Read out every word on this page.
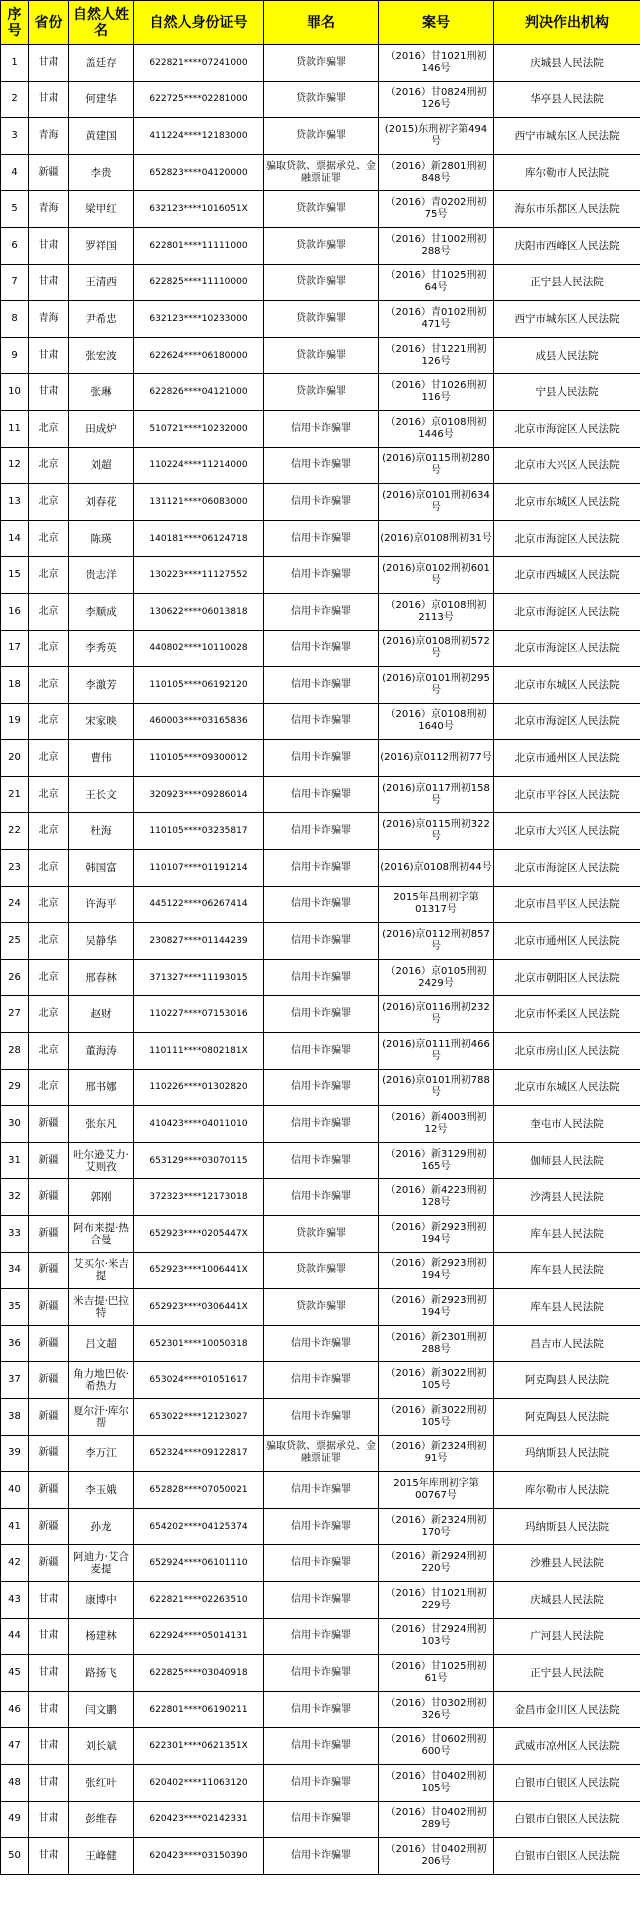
序号	省份	自然人姓名	自然人身份证号	罪名	案号	判决作出机构
1	甘肃	盖廷存	622821****07241000	贷款诈骗罪	（2016）甘1021刑初146号	庆城县人民法院
2	甘肃	何建华	622725****02281000	贷款诈骗罪	（2016）甘0824刑初126号	华亭县人民法院
3	青海	黄建国	411224****12183000	贷款诈骗罪	(2015)东刑初字第494号	西宁市城东区人民法院
4	新疆	李贵	652823****04120000	骗取贷款、票据承兑、金融票证罪	（2016）新2801刑初848号	库尔勒市人民法院
5	青海	梁甲红	632123****1016051X	贷款诈骗罪	（2016）青0202刑初75号	海东市乐都区人民法院
6	甘肃	罗祥国	622801****11111000	贷款诈骗罪	（2016）甘1002刑初288号	庆阳市西峰区人民法院
7	甘肃	王清西	622825****11110000	贷款诈骗罪	（2016）甘1025刑初64号	正宁县人民法院
8	青海	尹希忠	632123****10233000	贷款诈骗罪	（2016）青0102刑初471号	西宁市城东区人民法院
9	甘肃	张宏波	622624****06180000	贷款诈骗罪	（2016）甘1221刑初126号	成县人民法院
10	甘肃	张琳	622826****04121000	贷款诈骗罪	（2016）甘1026刑初116号	宁县人民法院
11	北京	田成炉	510721****10232000	信用卡诈骗罪	（2016）京0108刑初1446号	北京市海淀区人民法院
12	北京	刘超	110224****11214000	信用卡诈骗罪	(2016)京0115刑初280号	北京市大兴区人民法院
13	北京	刘春花	131121****06083000	信用卡诈骗罪	(2016)京0101刑初634号	北京市东城区人民法院
14	北京	陈瑛	140181****06124718	信用卡诈骗罪	(2016)京0108刑初31号	北京市海淀区人民法院
15	北京	贵志洋	130223****11127552	信用卡诈骗罪	(2016)京0102刑初601号	北京市西城区人民法院
16	北京	李顺成	130622****06013818	信用卡诈骗罪	（2016）京0108刑初2113号	北京市海淀区人民法院
17	北京	李秀英	440802****10110028	信用卡诈骗罪	(2016)京0108刑初572号	北京市海淀区人民法院
18	北京	李激芳	110105****06192120	信用卡诈骗罪	(2016)京0101刑初295号	北京市东城区人民法院
19	北京	宋家映	460003****03165836	信用卡诈骗罪	（2016）京0108刑初1640号	北京市海淀区人民法院
20	北京	曹伟	110105****09300012	信用卡诈骗罪	(2016)京0112刑初77号	北京市通州区人民法院
21	北京	王长文	320923****09286014	信用卡诈骗罪	(2016)京0117刑初158号	北京市平谷区人民法院
22	北京	杜海	110105****03235817	信用卡诈骗罪	(2016)京0115刑初322号	北京市大兴区人民法院
23	北京	韩国富	110107****01191214	信用卡诈骗罪	(2016)京0108刑初44号	北京市海淀区人民法院
24	北京	许海平	445122****06267414	信用卡诈骗罪	2015年昌刑初字第01317号	北京市昌平区人民法院
25	北京	吴静华	230827****01144239	信用卡诈骗罪	(2016)京0112刑初857号	北京市通州区人民法院
26	北京	邢春林	371327****11193015	信用卡诈骗罪	（2016）京0105刑初2429号	北京市朝阳区人民法院
27	北京	赵财	110227****07153016	信用卡诈骗罪	(2016)京0116刑初232号	北京市怀柔区人民法院
28	北京	董海涛	110111****0802181X	信用卡诈骗罪	(2016)京0111刑初466号	北京市房山区人民法院
29	北京	邢书娜	110226****01302820	信用卡诈骗罪	(2016)京0101刑初788号	北京市东城区人民法院
30	新疆	张东凡	410423****04011010	信用卡诈骗罪	（2016）新4003刑初12号	奎屯市人民法院
31	新疆	吐尔逊艾力·艾则孜	653129****03070115	信用卡诈骗罪	（2016）新3129刑初165号	伽师县人民法院
32	新疆	郭刚	372323****12173018	信用卡诈骗罪	（2016）新4223刑初128号	沙湾县人民法院
33	新疆	阿布来提·热合曼	652923****0205447X	贷款诈骗罪	（2016）新2923刑初194号	库车县人民法院
34	新疆	艾买尔·米吉提	652923****1006441X	贷款诈骗罪	（2016）新2923刑初194号	库车县人民法院
35	新疆	米吉提·巴拉特	652923****0306441X	贷款诈骗罪	（2016）新2923刑初194号	库车县人民法院
36	新疆	吕文超	652301****10050318	信用卡诈骗罪	（2016）新2301刑初288号	昌吉市人民法院
37	新疆	角力地巴依·希热力	653024****01051617	信用卡诈骗罪	（2016）新3022刑初105号	阿克陶县人民法院
38	新疆	夏尔汗·库尔帮	653022****12123027	信用卡诈骗罪	（2016）新3022刑初105号	阿克陶县人民法院
39	新疆	李万江	652324****09122817	骗取贷款、票据承兑、金融票证罪	（2016）新2324刑初91号	玛纳斯县人民法院
40	新疆	李玉娥	652828****07050021	信用卡诈骗罪	2015年库刑初字第00767号	库尔勒市人民法院
41	新疆	孙龙	654202****04125374	信用卡诈骗罪	（2016）新2324刑初170号	玛纳斯县人民法院
42	新疆	阿迪力·艾合麦提	652924****06101110	信用卡诈骗罪	（2016）新2924刑初220号	沙雅县人民法院
43	甘肃	康博中	622821****02263510	信用卡诈骗罪	（2016）甘1021刑初229号	庆城县人民法院
44	甘肃	杨建林	622924****05014131	信用卡诈骗罪	（2016）甘2924刑初103号	广河县人民法院
45	甘肃	路扬飞	622825****03040918	信用卡诈骗罪	（2016）甘1025刑初61号	正宁县人民法院
46	甘肃	闫文鹏	622801****06190211	信用卡诈骗罪	（2016）甘0302刑初326号	金昌市金川区人民法院
47	甘肃	刘长斌	622301****0621351X	信用卡诈骗罪	（2016）甘0602刑初600号	武威市凉州区人民法院
48	甘肃	张红叶	620402****11063120	信用卡诈骗罪	（2016）甘0402刑初105号	白银市白银区人民法院
49	甘肃	彭维春	620423****02142331	信用卡诈骗罪	（2016）甘0402刑初289号	白银市白银区人民法院
50	甘肃	王峰健	620423****03150390	信用卡诈骗罪	（2016）甘0402刑初206号	白银市白银区人民法院
